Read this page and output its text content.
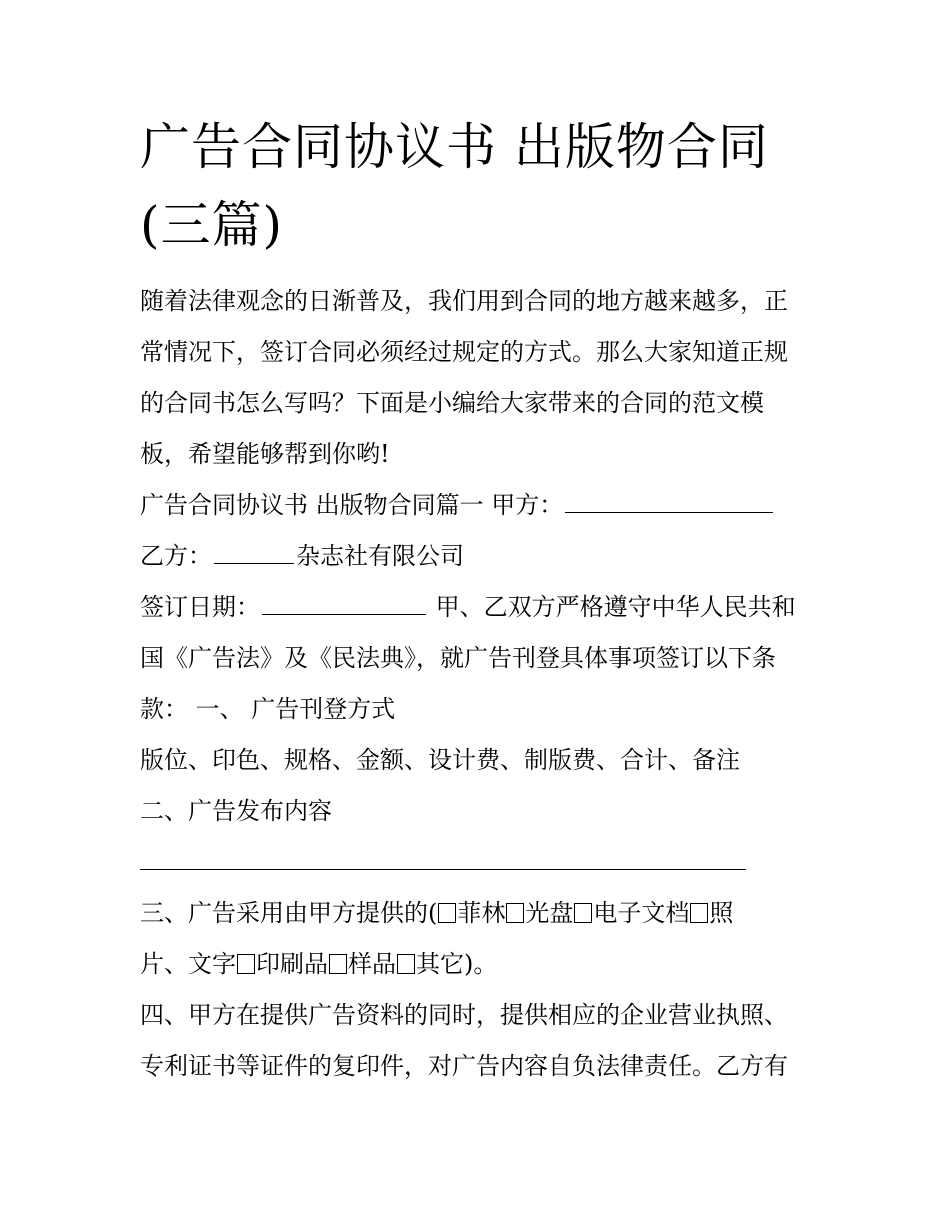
广告合同协议书 出版物合同
(三篇)
随着法律观念的日渐普及，我们用到合同的地方越来越多，正
常情况下，签订合同必须经过规定的方式。那么大家知道正规
的合同书怎么写吗？下面是小编给大家带来的合同的范文模
板，希望能够帮到你哟!
广告合同协议书 出版物合同篇一 甲方：
乙方：	杂志社有限公司
签订日期：	甲、乙双方严格遵守中华人民共和
国《广告法》及《民法典》，就广告刊登具体事项签订以下条
款： 一、 广告刊登方式
版位、印色、规格、金额、设计费、制版费、合计、备注
二、广告发布内容
三、广告采用由甲方提供的( 菲林 光盘 电子文档 照
片、文字 印刷品 样品 其它)。
四、甲方在提供广告资料的同时，提供相应的企业营业执照、
专利证书等证件的复印件，对广告内容自负法律责任。乙方有
